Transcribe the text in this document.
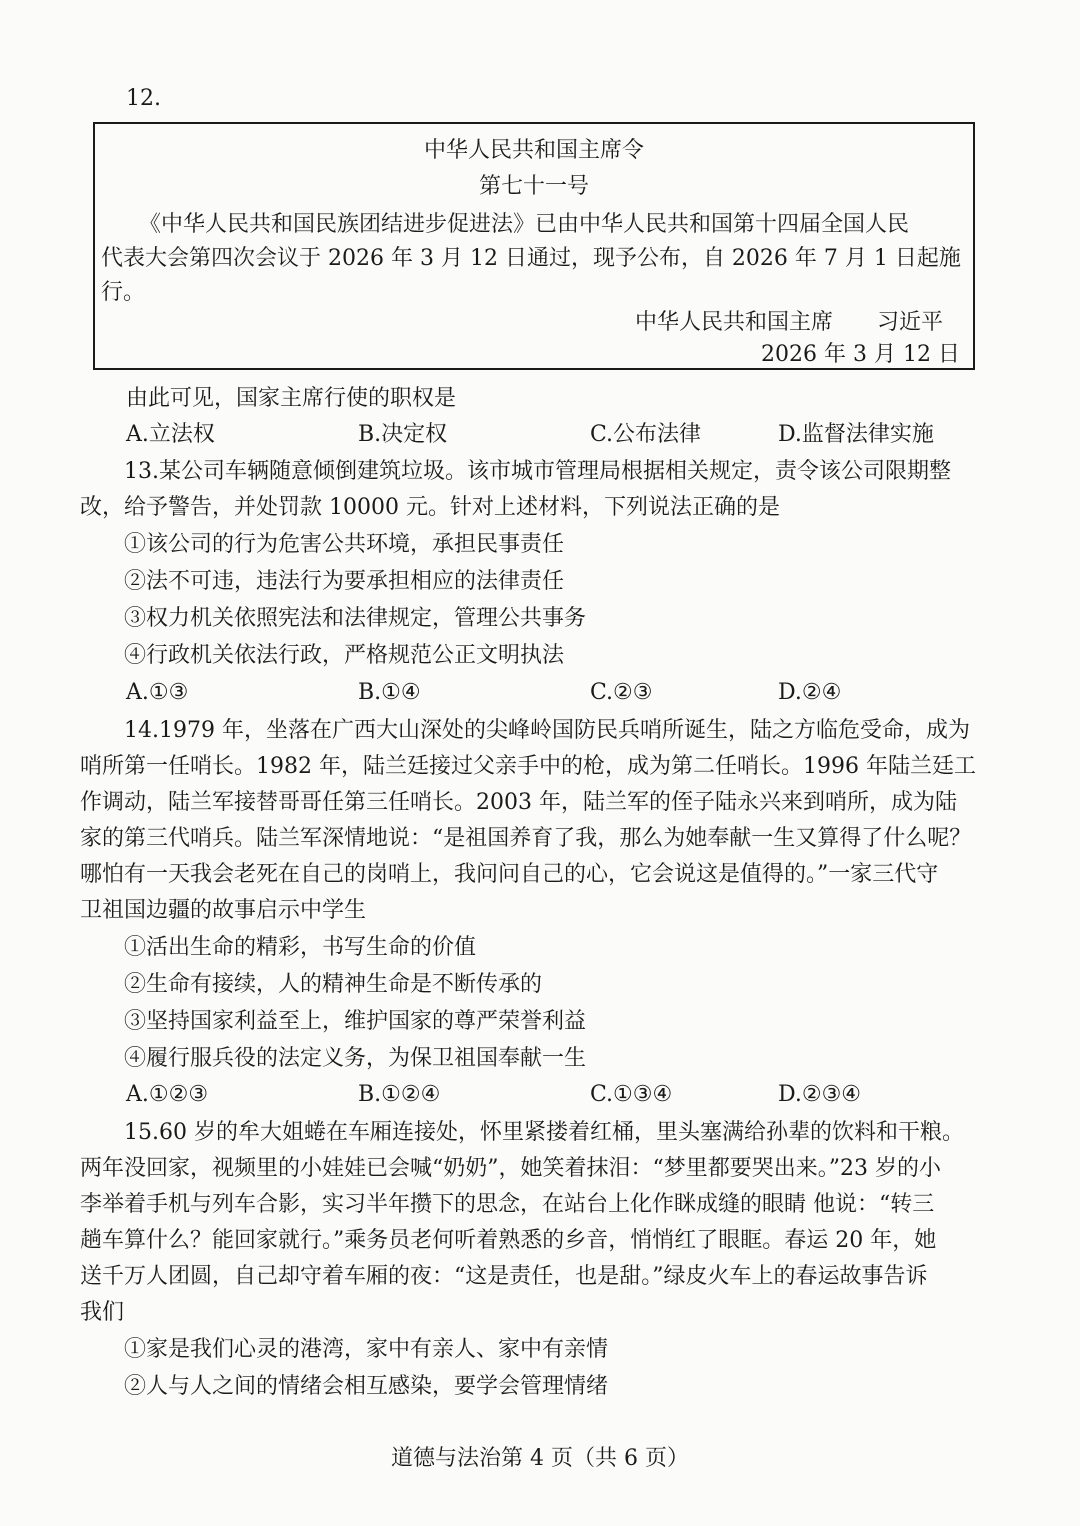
12.
中华人民共和国主席令
第七十一号
《中华人民共和国民族团结进步促进法》已由中华人民共和国第十四届全国人民
代表大会第四次会议于 2026 年 3 月 12 日通过，现予公布，自 2026 年 7 月 1 日起施
行。
中华人民共和国主席 习近平
2026 年 3 月 12 日
由此可见，国家主席行使的职权是
A.立法权	B.决定权	C.公布法律	D.监督法律实施
13.某公司车辆随意倾倒建筑垃圾。该市城市管理局根据相关规定，责令该公司限期整
改，给予警告，并处罚款 10000 元。针对上述材料，下列说法正确的是
①该公司的行为危害公共环境，承担民事责任
②法不可违，违法行为要承担相应的法律责任
③权力机关依照宪法和法律规定，管理公共事务
④行政机关依法行政，严格规范公正文明执法
A.①③	B.①④	C.②③	D.②④
14.1979 年，坐落在广西大山深处的尖峰岭国防民兵哨所诞生，陆之方临危受命，成为
哨所第一任哨长。1982 年，陆兰廷接过父亲手中的枪，成为第二任哨长。1996 年陆兰廷工
作调动，陆兰军接替哥哥任第三任哨长。2003 年，陆兰军的侄子陆永兴来到哨所，成为陆
家的第三代哨兵。陆兰军深情地说：“是祖国养育了我，那么为她奉献一生又算得了什么呢？
哪怕有一天我会老死在自己的岗哨上，我问问自己的心，它会说这是值得的。”一家三代守
卫祖国边疆的故事启示中学生
①活出生命的精彩，书写生命的价值
②生命有接续，人的精神生命是不断传承的
③坚持国家利益至上，维护国家的尊严荣誉利益
④履行服兵役的法定义务，为保卫祖国奉献一生
A.①②③	B.①②④	C.①③④	D.②③④
15.60 岁的牟大姐蜷在车厢连接处，怀里紧搂着红桶，里头塞满给孙辈的饮料和干粮。
两年没回家，视频里的小娃娃已会喊“奶奶”，她笑着抹泪：“梦里都要哭出来。”23 岁的小
李举着手机与列车合影，实习半年攒下的思念，在站台上化作眯成缝的眼睛 他说：“转三
趟车算什么？能回家就行。”乘务员老何听着熟悉的乡音，悄悄红了眼眶。春运 20 年，她
送千万人团圆，自己却守着车厢的夜：“这是责任，也是甜。”绿皮火车上的春运故事告诉
我们
①家是我们心灵的港湾，家中有亲人、家中有亲情
②人与人之间的情绪会相互感染，要学会管理情绪
道德与法治第 4 页（共 6 页）
